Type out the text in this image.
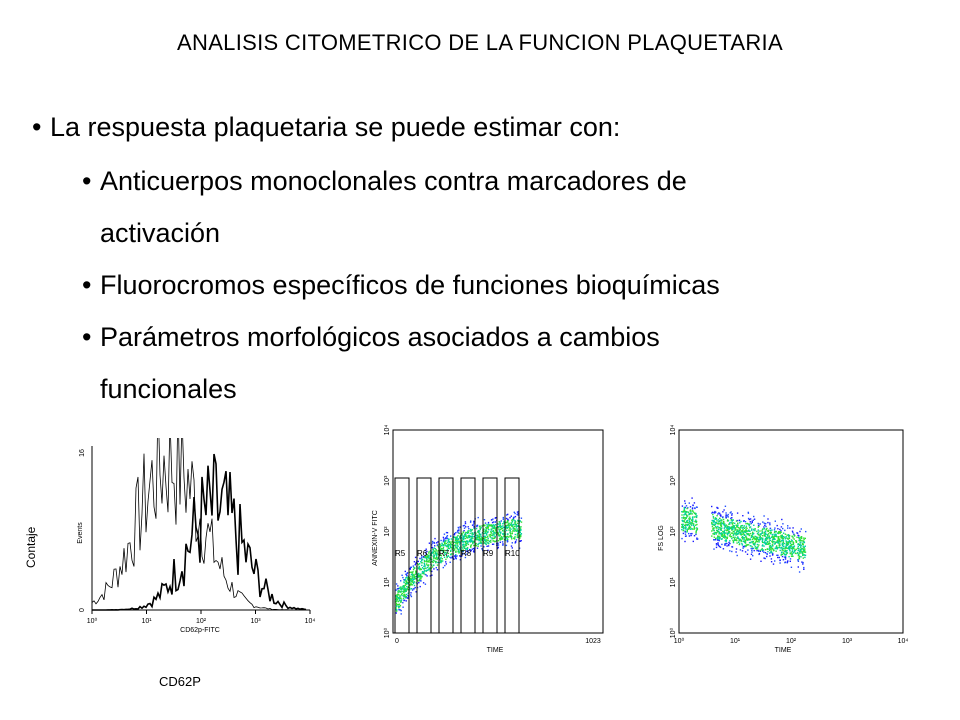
ANALISIS CITOMETRICO DE LA FUNCION PLAQUETARIA
• La respuesta plaquetaria se puede estimar con:
• Anticuerpos monoclonales contra marcadores de
activación
• Fluorocromos específicos de funciones bioquímicas
• Parámetros morfológicos asociados a cambios
funcionales
Contaje
CD62P
16
0
Events
10⁰	10¹	10²	10³	10⁴
CD62p-FITC	10⁰
10¹
10²
10³
10⁴
ANNEXIN-V FITC
0	1023
TIME
R5 R6 R7 R8 R9 R10
10⁰
10¹
10²
10³
10⁴
FS LOG
10⁰	10¹	10²	10³	10⁴
TIME
